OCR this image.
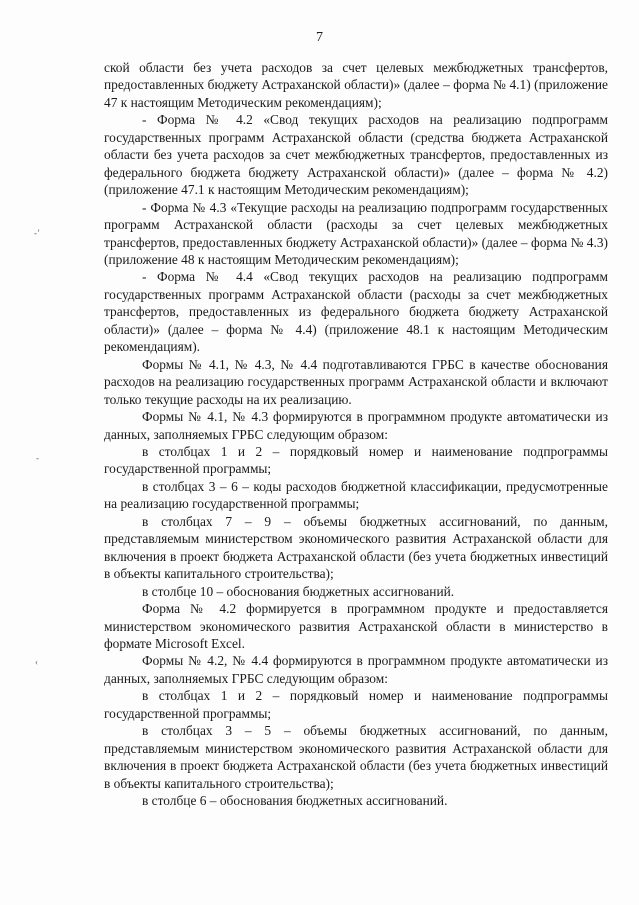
7
-’
-
‹

ской области без учета расходов за счет целевых межбюджетных трансфертов, предоставленных бюджету Астраханской области)» (далее – форма № 4.1) (приложение 47 к настоящим Методическим рекомендациям);

- Форма № 4.2 «Свод текущих расходов на реализацию подпрограмм государственных программ Астраханской области (средства бюджета Астраханской области без учета расходов за счет межбюджетных трансфертов, предоставленных из федерального бюджета бюджету Астраханской области)» (далее – форма № 4.2) (приложение 47.1 к настоящим Методическим рекомендациям);

- Форма № 4.3 «Текущие расходы на реализацию подпрограмм государственных программ Астраханской области (расходы за счет целевых межбюджетных трансфертов, предоставленных бюджету Астраханской области)» (далее – форма № 4.3) (приложение 48 к настоящим Методическим рекомендациям);

- Форма № 4.4 «Свод текущих расходов на реализацию подпрограмм государственных программ Астраханской области (расходы за счет межбюджетных трансфертов, предоставленных из федерального бюджета бюджету Астраханской области)» (далее – форма № 4.4) (приложение 48.1 к настоящим Методическим рекомендациям).

Формы № 4.1, № 4.3, № 4.4 подготавливаются ГРБС в качестве обоснования расходов на реализацию государственных программ Астраханской области и включают только текущие расходы на их реализацию.

Формы № 4.1, № 4.3 формируются в программном продукте автоматически из данных, заполняемых ГРБС следующим образом:

в столбцах 1 и 2 – порядковый номер и наименование подпрограммы государственной программы;

в столбцах 3 – 6 – коды расходов бюджетной классификации, предусмотренные на реализацию государственной программы;

в столбцах 7 – 9 – объемы бюджетных ассигнований, по данным, представляемым министерством экономического развития Астраханской области для включения в проект бюджета Астраханской области (без учета бюджетных инвестиций в объекты капитального строительства);

в столбце 10 – обоснования бюджетных ассигнований.

Форма № 4.2 формируется в программном продукте и предоставляется министерством экономического развития Астраханской области в министерство в формате Microsoft Excel.

Формы № 4.2, № 4.4 формируются в программном продукте автоматически из данных, заполняемых ГРБС следующим образом:

в столбцах 1 и 2 – порядковый номер и наименование подпрограммы государственной программы;

в столбцах 3 – 5 – объемы бюджетных ассигнований, по данным, представляемым министерством экономического развития Астраханской области для включения в проект бюджета Астраханской области (без учета бюджетных инвестиций в объекты капитального строительства);

в столбце 6 – обоснования бюджетных ассигнований.
